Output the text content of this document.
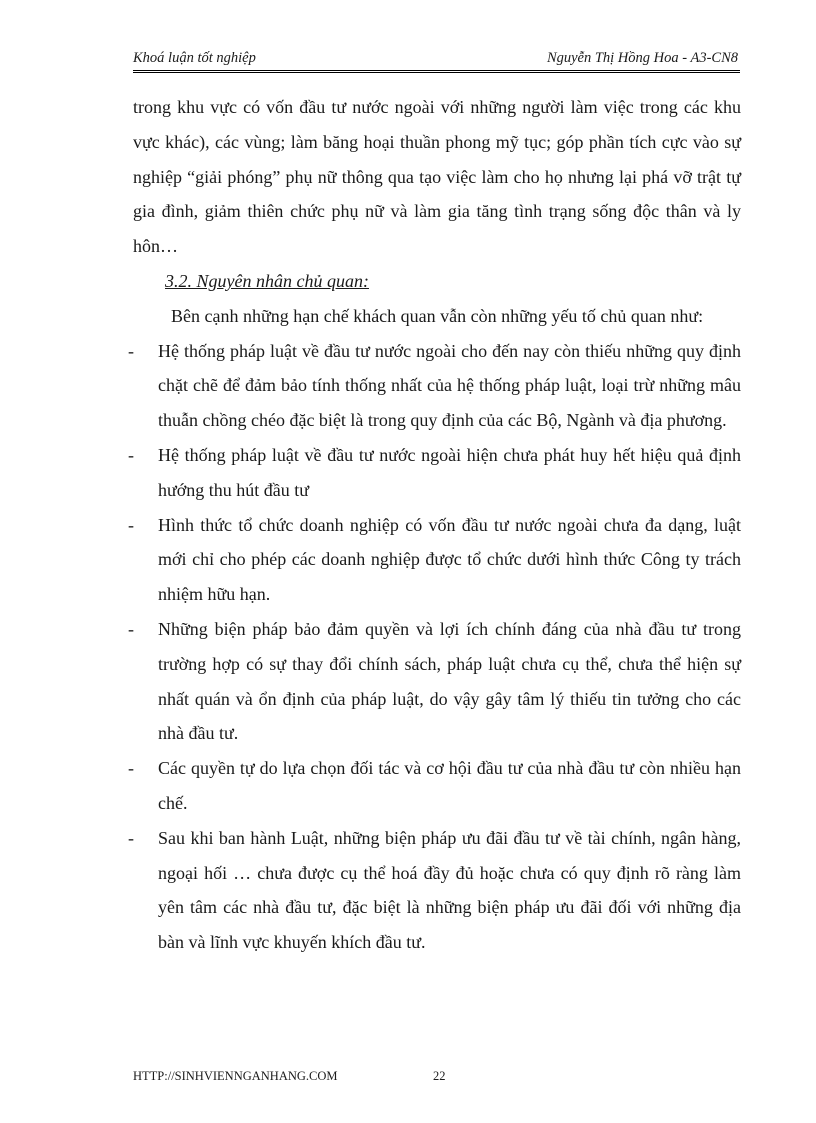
Khoá luận tốt nghiệp	Nguyễn Thị Hồng Hoa - A3-CN8

trong khu vực có vốn đầu tư nước ngoài với những người làm việc trong các khu vực khác), các vùng; làm băng hoại thuần phong mỹ tục; góp phần tích cực vào sự nghiệp “giải phóng” phụ nữ thông qua tạo việc làm cho họ nhưng lại phá vỡ trật tự gia đình, giảm thiên chức phụ nữ và làm gia tăng tình trạng sống độc thân và ly hôn…

3.2. Nguyên nhân chủ quan:

Bên cạnh những hạn chế khách quan vẫn còn những yếu tố chủ quan như:

- Hệ thống pháp luật về đầu tư nước ngoài cho đến nay còn thiếu những quy định chặt chẽ để đảm bảo tính thống nhất của hệ thống pháp luật, loại trừ những mâu thuẫn chồng chéo đặc biệt là trong quy định của các Bộ, Ngành và địa phương.
- Hệ thống pháp luật về đầu tư nước ngoài hiện chưa phát huy hết hiệu quả định hướng thu hút đầu tư
- Hình thức tổ chức doanh nghiệp có vốn đầu tư nước ngoài chưa đa dạng, luật mới chỉ cho phép các doanh nghiệp được tổ chức dưới hình thức Công ty trách nhiệm hữu hạn.
- Những biện pháp bảo đảm quyền và lợi ích chính đáng của nhà đầu tư trong trường hợp có sự thay đổi chính sách, pháp luật chưa cụ thể, chưa thể hiện sự nhất quán và ổn định của pháp luật, do vậy gây tâm lý thiếu tin tưởng cho các nhà đầu tư.
- Các quyền tự do lựa chọn đối tác và cơ hội đầu tư của nhà đầu tư còn nhiều hạn chế.
- Sau khi ban hành Luật, những biện pháp ưu đãi đầu tư về tài chính, ngân hàng, ngoại hối … chưa được cụ thể hoá đầy đủ hoặc chưa có quy định rõ ràng làm yên tâm các nhà đầu tư, đặc biệt là những biện pháp ưu đãi đối với những địa bàn và lĩnh vực khuyến khích đầu tư.
HTTP://SINHVIENNGANHANG.COM	22
